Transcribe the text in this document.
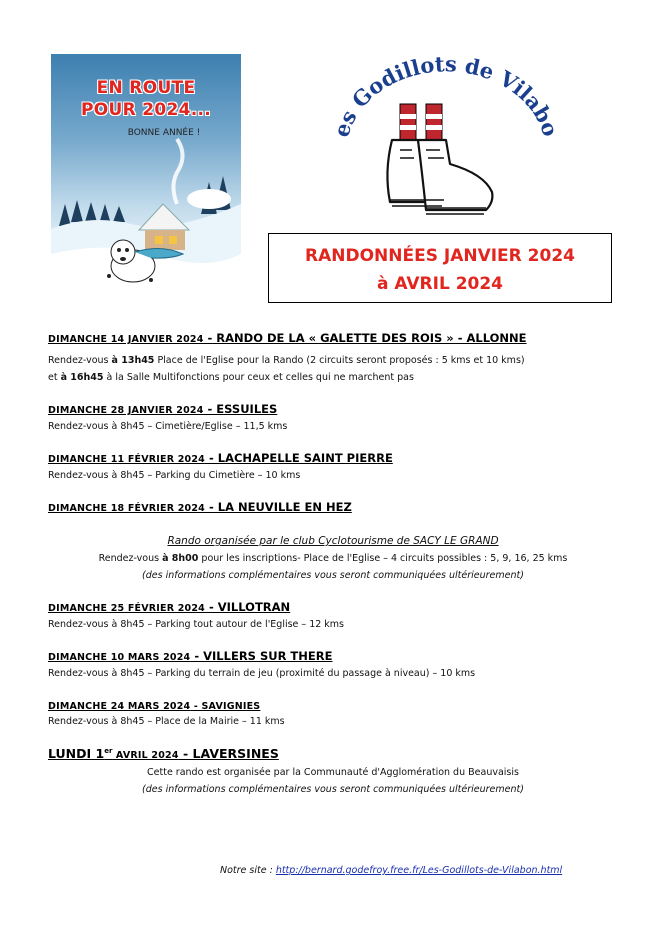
EN ROUTE
POUR 2024...
BONNE ANNÉE !	es Godillots de Vilabo
RANDONNÉES JANVIER 2024
à AVRIL 2024
DIMANCHE 14 JANVIER 2024 - RANDO DE LA « GALETTE DES ROIS » - ALLONNE
Rendez-vous à 13h45 Place de l'Eglise pour la Rando (2 circuits seront proposés : 5 kms et 10 kms)
et à 16h45 à la Salle Multifonctions pour ceux et celles qui ne marchent pas
DIMANCHE 28 JANVIER 2024 - ESSUILES
Rendez-vous à 8h45 – Cimetière/Eglise – 11,5 kms
DIMANCHE 11 FÉVRIER 2024 - LACHAPELLE SAINT PIERRE
Rendez-vous à 8h45 – Parking du Cimetière – 10 kms
DIMANCHE 18 FÉVRIER 2024 - LA NEUVILLE EN HEZ
Rando organisée par le club Cyclotourisme de SACY LE GRAND
Rendez-vous à 8h00 pour les inscriptions- Place de l'Eglise – 4 circuits possibles : 5, 9, 16, 25 kms
(des informations complémentaires vous seront communiquées ultérieurement)
DIMANCHE 25 FÉVRIER 2024 - VILLOTRAN
Rendez-vous à 8h45 – Parking tout autour de l'Eglise – 12 kms
DIMANCHE 10 MARS 2024 - VILLERS SUR THERE
Rendez-vous à 8h45 – Parking du terrain de jeu (proximité du passage à niveau) – 10 kms
DIMANCHE 24 MARS 2024 - SAVIGNIES
Rendez-vous à 8h45 – Place de la Mairie – 11 kms
LUNDI 1er AVRIL 2024 - LAVERSINES
Cette rando est organisée par la Communauté d'Agglomération du Beauvaisis
(des informations complémentaires vous seront communiquées ultérieurement)
Notre site : http://bernard.godefroy.free.fr/Les-Godillots-de-Vilabon.html
